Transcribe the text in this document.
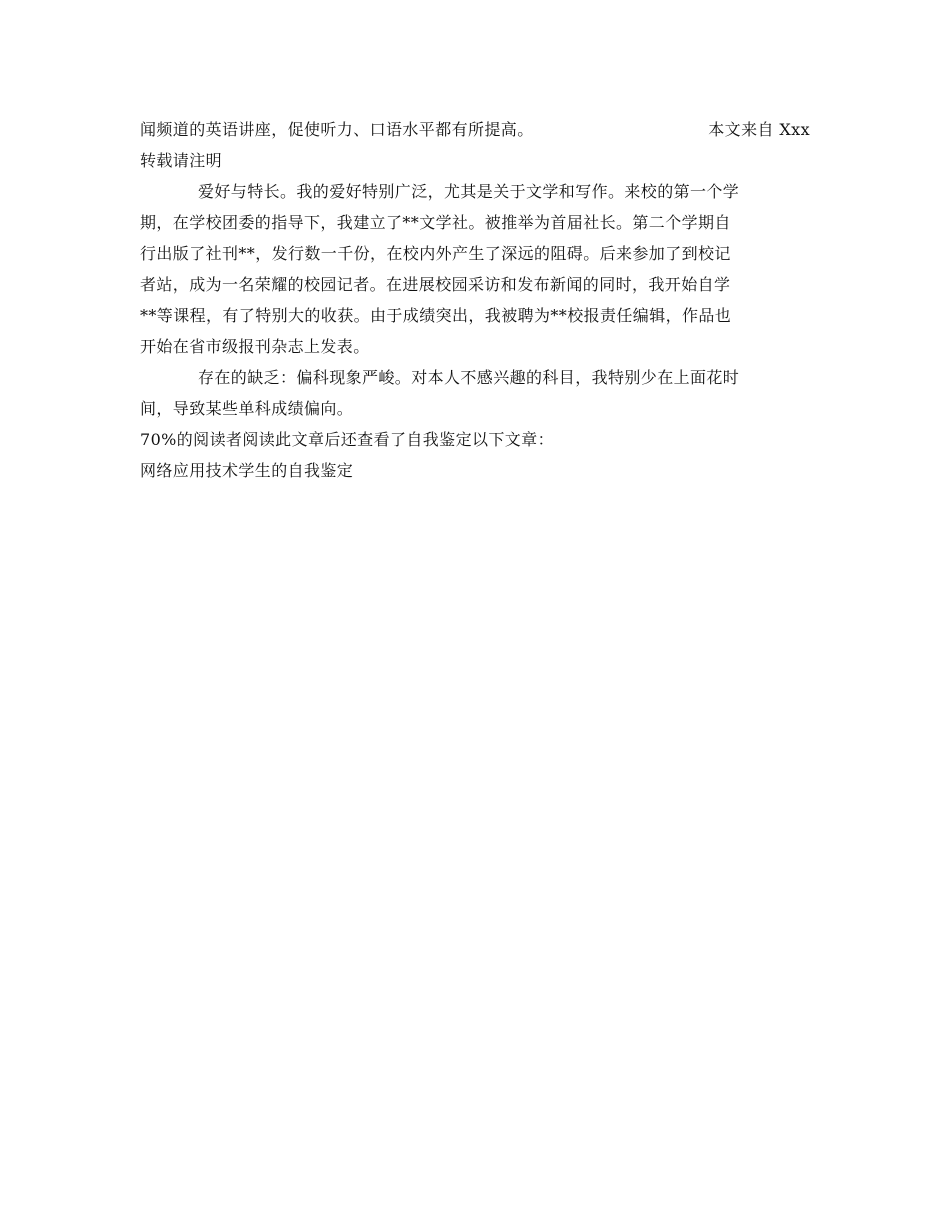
闻频道的英语讲座，促使听力、口语水平都有所提高。	本文来自 Xxx
转载请注明
爱好与特长。我的爱好特别广泛，尤其是关于文学和写作。来校的第一个学
期，在学校团委的指导下，我建立了**文学社。被推举为首届社长。第二个学期自
行出版了社刊**，发行数一千份，在校内外产生了深远的阻碍。后来参加了到校记
者站，成为一名荣耀的校园记者。在进展校园采访和发布新闻的同时，我开始自学
**等课程，有了特别大的收获。由于成绩突出，我被聘为**校报责任编辑，作品也
开始在省市级报刊杂志上发表。
存在的缺乏：偏科现象严峻。对本人不感兴趣的科目，我特别少在上面花时
间，导致某些单科成绩偏向。
70%的阅读者阅读此文章后还查看了自我鉴定以下文章：
网络应用技术学生的自我鉴定
